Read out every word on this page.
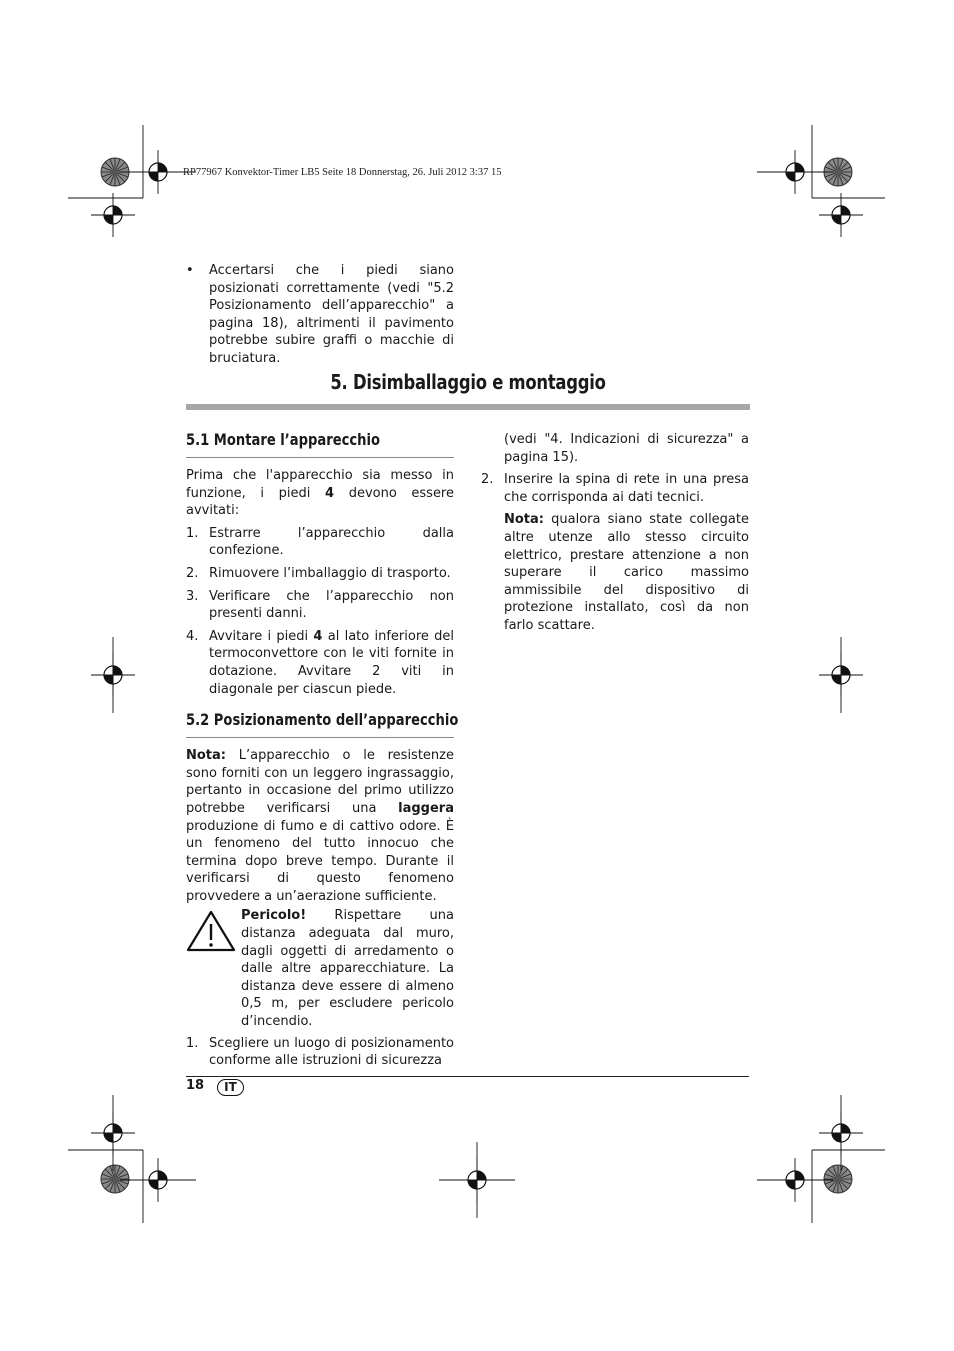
RP77967 Konvektor-Timer LB5 Seite 18 Donnerstag, 26. Juli 2012 3:37 15

• Accertarsi che i piedi siano posizionati correttamente (vedi "5.2 Posizionamento dell’apparecchio" a pagina 18), altrimenti il pavimento potrebbe subire graffi o macchie di bruciatura.

5. Disimballaggio e montaggio
5.1 Montare l’apparecchio

Prima che l'apparecchio sia messo in funzione, i piedi 4 devono essere avvitati:

1. Estrarre l’apparecchio dalla confezione.

2. Rimuovere l’imballaggio di trasporto.

3. Verificare che l’apparecchio non presenti danni.

4. Avvitare i piedi 4 al lato inferiore del termoconvettore con le viti fornite in dotazione. Avvitare 2 viti in diagonale per ciascun piede.

5.2 Posizionamento dell’apparecchio

Nota: L’apparecchio o le resistenze sono forniti con un leggero ingrassaggio, pertanto in occasione del primo utilizzo potrebbe verificarsi una laggera produzione di fumo e di cattivo odore. È un fenomeno del tutto innocuo che termina dopo breve tempo. Durante il verificarsi di questo fenomeno provvedere a un’aerazione sufficiente.

Pericolo! Rispettare una distanza adeguata dal muro, dagli oggetti di arredamento o dalle altre apparecchiature. La distanza deve essere di almeno 0,5 m, per escludere pericolo d’incendio.

1. Scegliere un luogo di posizionamento conforme alle istruzioni di sicurezza

(vedi "4. Indicazioni di sicurezza" a pagina 15).

2. Inserire la spina di rete in una presa che corrisponda ai dati tecnici.

Nota: qualora siano state collegate altre utenze allo stesso circuito elettrico, prestare attenzione a non superare il carico massimo ammissibile del dispositivo di protezione installato, così da non farlo scattare.

18	IT
